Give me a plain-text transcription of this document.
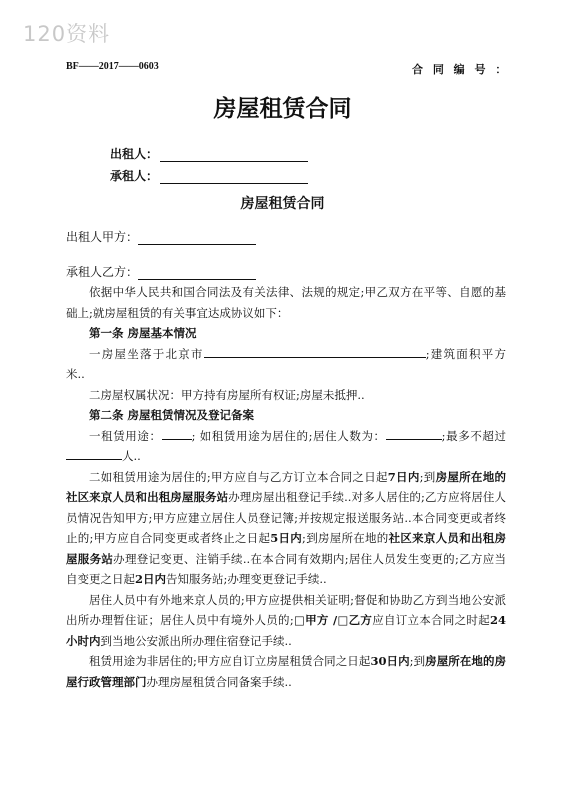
120资料
BF——2017——0603	合 同 编 号 ：
房屋租赁合同
出租人：
承租人：
房屋租赁合同
出租人甲方：
承租人乙方：

依据中华人民共和国合同法及有关法律、法规的规定;甲乙双方在平等、自愿的基础上;就房屋租赁的有关事宜达成协议如下：

第一条 房屋基本情况

一房屋坐落于北京市	;建筑面积平方米..

二房屋权属状况：甲方持有房屋所有权证;房屋未抵押..

第二条 房屋租赁情况及登记备案

一租赁用途：	; 如租赁用途为居住的;居住人数为：	;最多不超过人..

二如租赁用途为居住的;甲方应自与乙方订立本合同之日起7日内;到房屋所在地的社区来京人员和出租房屋服务站办理房屋出租登记手续..对多人居住的;乙方应将居住人员情况告知甲方;甲方应建立居住人员登记簿;并按规定报送服务站..本合同变更或者终止的;甲方应自合同变更或者终止之日起5日内;到房屋所在地的社区来京人员和出租房屋服务站办理登记变更、注销手续..在本合同有效期内;居住人员发生变更的;乙方应当自变更之日起2日内告知服务站;办理变更登记手续..

居住人员中有外地来京人员的;甲方应提供相关证明;督促和协助乙方到当地公安派出所办理暂住证；居住人员中有境外人员的;□甲方 /□乙方应自订立本合同之时起24小时内到当地公安派出所办理住宿登记手续..

租赁用途为非居住的;甲方应自订立房屋租赁合同之日起30日内;到房屋所在地的房屋行政管理部门办理房屋租赁合同备案手续..
